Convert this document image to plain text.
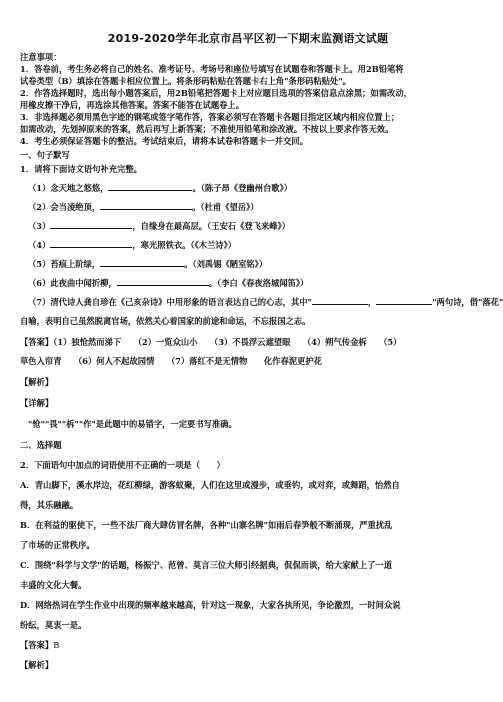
2019-2020学年北京市昌平区初一下期末监测语文试题
注意事项：
1．答卷前，考生务必将自己的姓名、准考证号、考场号和座位号填写在试题卷和答题卡上。用2B铅笔将
试卷类型（B）填涂在答题卡相应位置上。将条形码粘贴在答题卡右上角"条形码粘贴处"。
2．作答选择题时，选出每小题答案后，用2B铅笔把答题卡上对应题目选项的答案信息点涂黑；如需改动，
用橡皮擦干净后，再选涂其他答案。答案不能答在试题卷上。
3．非选择题必须用黑色字迹的钢笔或签字笔作答，答案必须写在答题卡各题目指定区域内相应位置上；
如需改动，先划掉原来的答案，然后再写上新答案；不准使用铅笔和涂改液。不按以上要求作答无效。
4．考生必须保证答题卡的整洁。考试结束后，请将本试卷和答题卡一并交回。
一、句子默写
1．请将下面诗文语句补充完整。
（1）念天地之悠悠，	。（陈子昂《登幽州台歌》）
（2）会当凌绝顶，	。（杜甫《望岳》）
（3）	，自缘身在最高层。（王安石《登飞来峰》）
（4）	，寒光照铁衣。（《木兰诗》）
（5）苔痕上阶绿，	。（刘禹锡《陋室铭》）
（6）此夜曲中闻折柳，	。（李白《春夜洛城闻笛》）
（7）清代诗人龚自珍在《己亥杂诗》中用形象的语言表达自己的心志，其中"	，	"两句诗，借"落花"
自喻，表明自己虽然脱离官场，依然关心着国家的前途和命运，不忘报国之志。
【答案】（1）独怆然而涕下　　（2）一览众山小　　（3）不畏浮云遮望眼　　（4）朔气传金柝　　（5）
草色入帘青　　（6）何人不起故园情　　（7）落红不是无情物　　化作春泥更护花
【解析】
【详解】
"怆""畏""柝""作"是此题中的易错字，一定要书写准确。
二、选择题
2．下面语句中加点的词语使用不正确的一项是（　　）
A．青山脚下，溪水岸边，花红柳绿，游客蚁聚，人们在这里或漫步，或垂钓，或对弈，或舞蹈，怡然自
得，其乐融融。
B．在利益的驱使下，一些不法厂商大肆仿冒名牌，各种"山寨名牌"如雨后春笋般不断涌现，严重扰乱
了市场的正常秩序。
C．围绕"科学与文学"的话题，杨振宁、范曾、莫言三位大师引经据典，侃侃而谈，给大家献上了一道
丰盛的文化大餐。
D．网络热词在学生作业中出现的频率越来越高，针对这一现象，大家各执所见，争论激烈，一时间众说
纷纭，莫衷一是。
【答案】B
【解析】
